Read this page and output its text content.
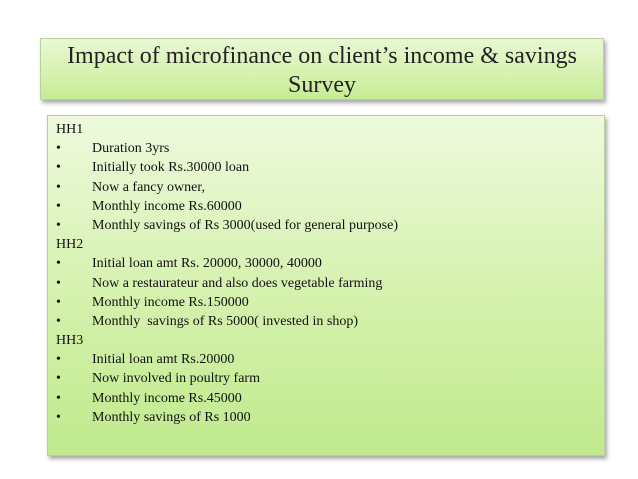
Impact of microfinance on client’s income & savings
Survey
HH1
• Duration 3yrs
• Initially took Rs.30000 loan
• Now a fancy owner,
• Monthly income Rs.60000
• Monthly savings of Rs 3000(used for general purpose)
HH2
• Initial loan amt Rs. 20000, 30000, 40000
• Now a restaurateur and also does vegetable farming
• Monthly income Rs.150000
• Monthly  savings of Rs 5000( invested in shop)
HH3
• Initial loan amt Rs.20000
• Now involved in poultry farm
• Monthly income Rs.45000
• Monthly savings of Rs 1000
